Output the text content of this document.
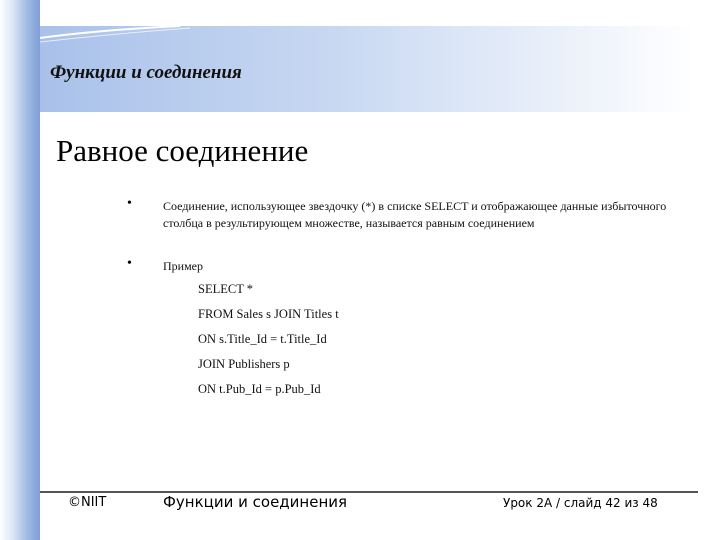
Функции и соединения
Равное соединение
•	Соединение, использующее звездочку (*) в списке SELECT и отображающее данные избыточного столбца в результирующем множестве, называется равным соединением

•	Пример

SELECT *

FROM Sales s JOIN Titles t

ON s.Title_Id = t.Title_Id

JOIN Publishers p

ON t.Pub_Id = p.Pub_Id

©NIIT	Функции и соединения	Урок 2А / слайд 42 из 48
